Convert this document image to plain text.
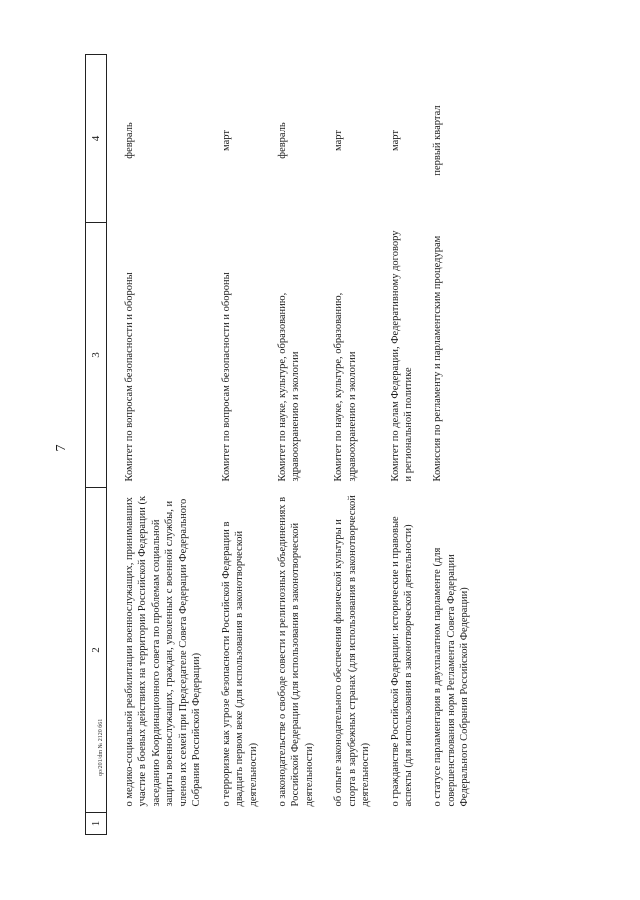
7
qo/201/dm № 2120 б61
1	2	3	4
	о медико-социальной реабилитации военнослужащих, принимавших участие в боевых действиях на территории Российской Федерации (к заседанию Координационного совета по проблемам социальной защиты военнослужащих, граждан, уволенных с военной службы, и членов их семей при Председателе Совета Федерации Федерального Собрания Российской Федерации)	Комитет по вопросам безопасности и обороны	февраль
	о терроризме как угрозе безопасности Российской Федерации в двадцать первом веке (для использования в законотворческой деятельности)	Комитет по вопросам безопасности и обороны	март
	о законодательстве о свободе совести и религиозных объединениях в Российской Федерации (для использования в законотворческой деятельности)	Комитет по науке, культуре, образованию, здравоохранению и экологии	февраль
	об опыте законодательного обеспечения физической культуры и спорта в зарубежных странах (для использования в законотворческой деятельности)	Комитет по науке, культуре, образованию, здравоохранению и экологии	март
	о гражданстве Российской Федерации: исторические и правовые аспекты (для использования в законотворческой деятельности)	Комитет по делам Федерации, Федеративному договору и региональной политике	март
	о статусе парламентария в двухпалатном парламенте (для совершенствования норм Регламента Совета Федерации Федерального Собрания Российской Федерации)	Комиссия по регламенту и парламентским процедурам	первый квартал
